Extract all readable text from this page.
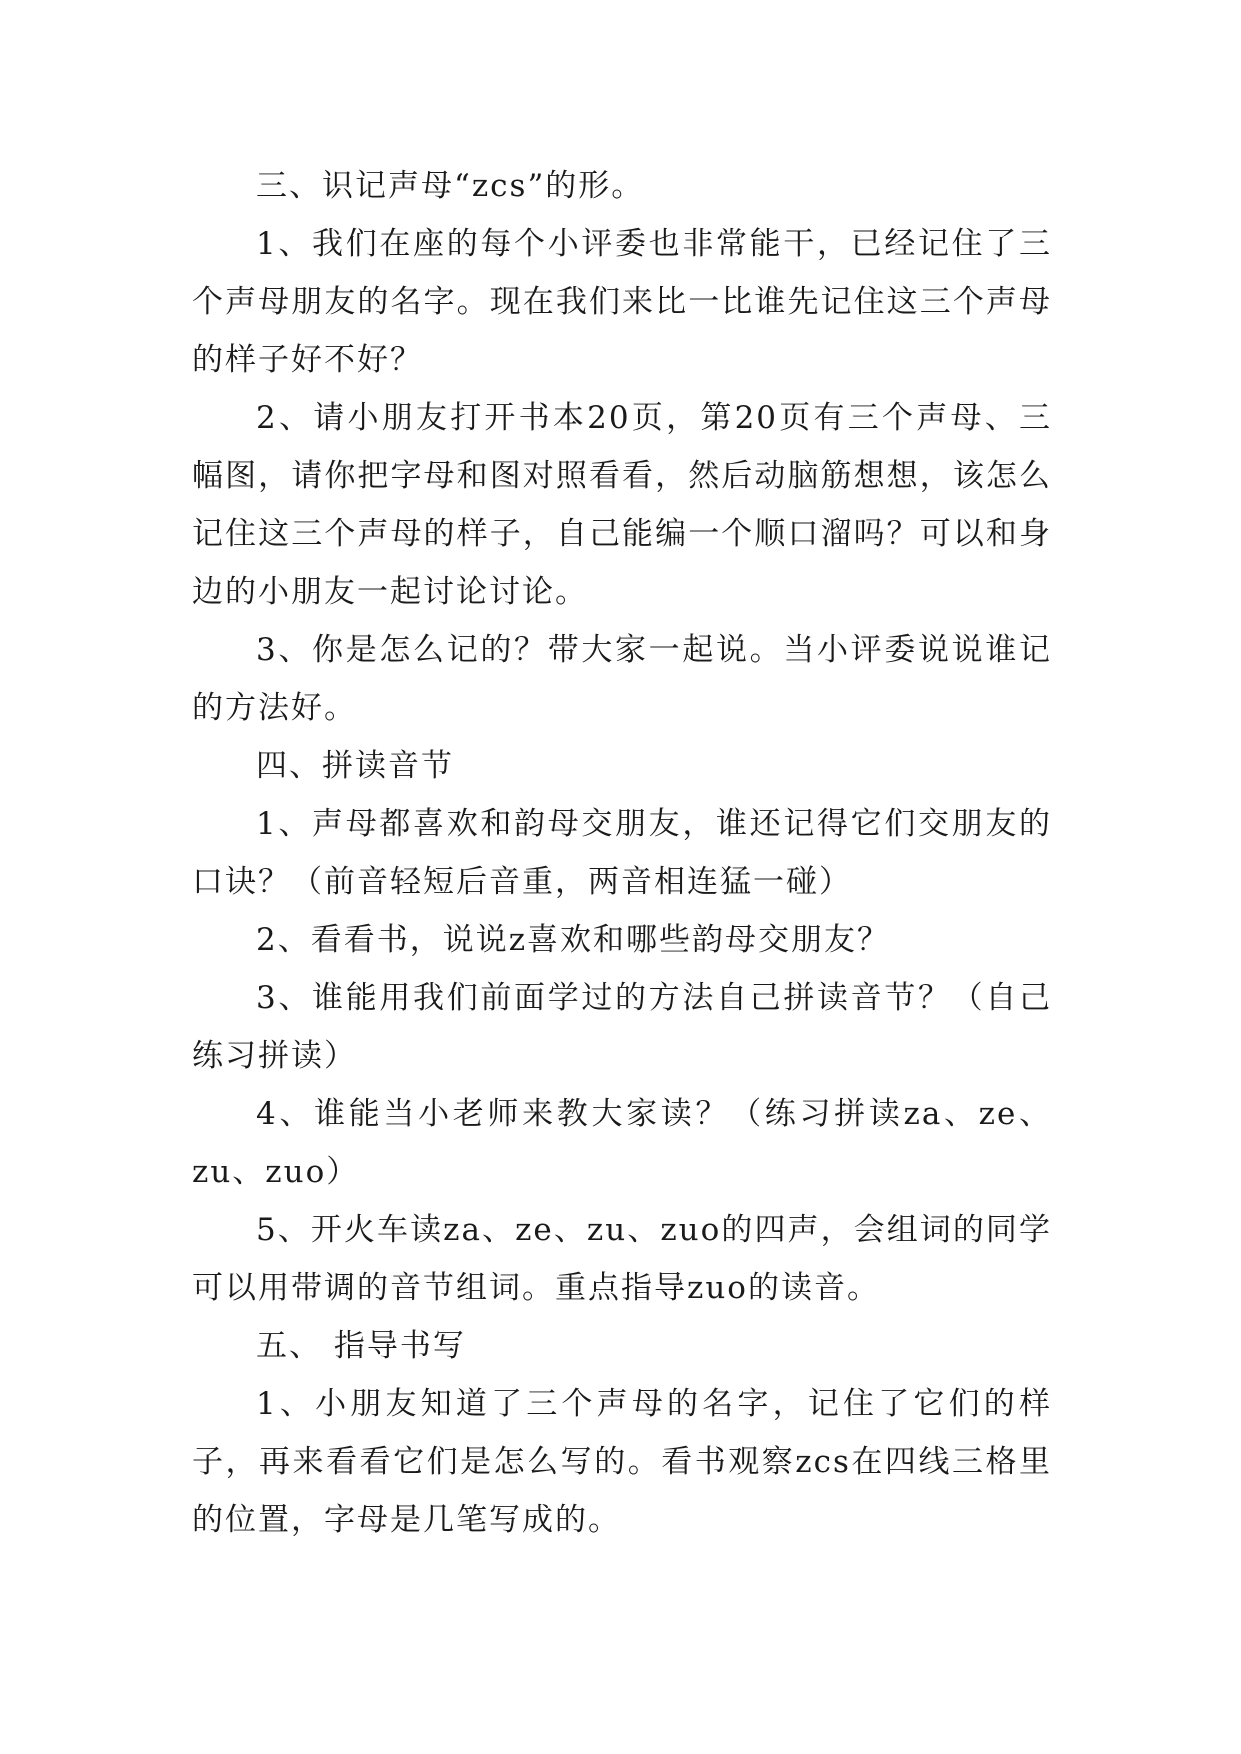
三、识记声母“zcs”的形。

1、我们在座的每个小评委也非常能干，已经记住了三个声母朋友的名字。现在我们来比一比谁先记住这三个声母的样子好不好？

2、请小朋友打开书本20页，第20页有三个声母、三幅图，请你把字母和图对照看看，然后动脑筋想想，该怎么记住这三个声母的样子，自己能编一个顺口溜吗？可以和身边的小朋友一起讨论讨论。

3、你是怎么记的？带大家一起说。当小评委说说谁记的方法好。

四、拼读音节

1、声母都喜欢和韵母交朋友，谁还记得它们交朋友的口诀？（前音轻短后音重，两音相连猛一碰）

2、看看书，说说z喜欢和哪些韵母交朋友？

3、谁能用我们前面学过的方法自己拼读音节？（自己练习拼读）

4、谁能当小老师来教大家读？（练习拼读za、ze、zu、zuo）

5、开火车读za、ze、zu、zuo的四声，会组词的同学可以用带调的音节组词。重点指导zuo的读音。

五、 指导书写

1、小朋友知道了三个声母的名字，记住了它们的样子，再来看看它们是怎么写的。看书观察zcs在四线三格里的位置，字母是几笔写成的。
